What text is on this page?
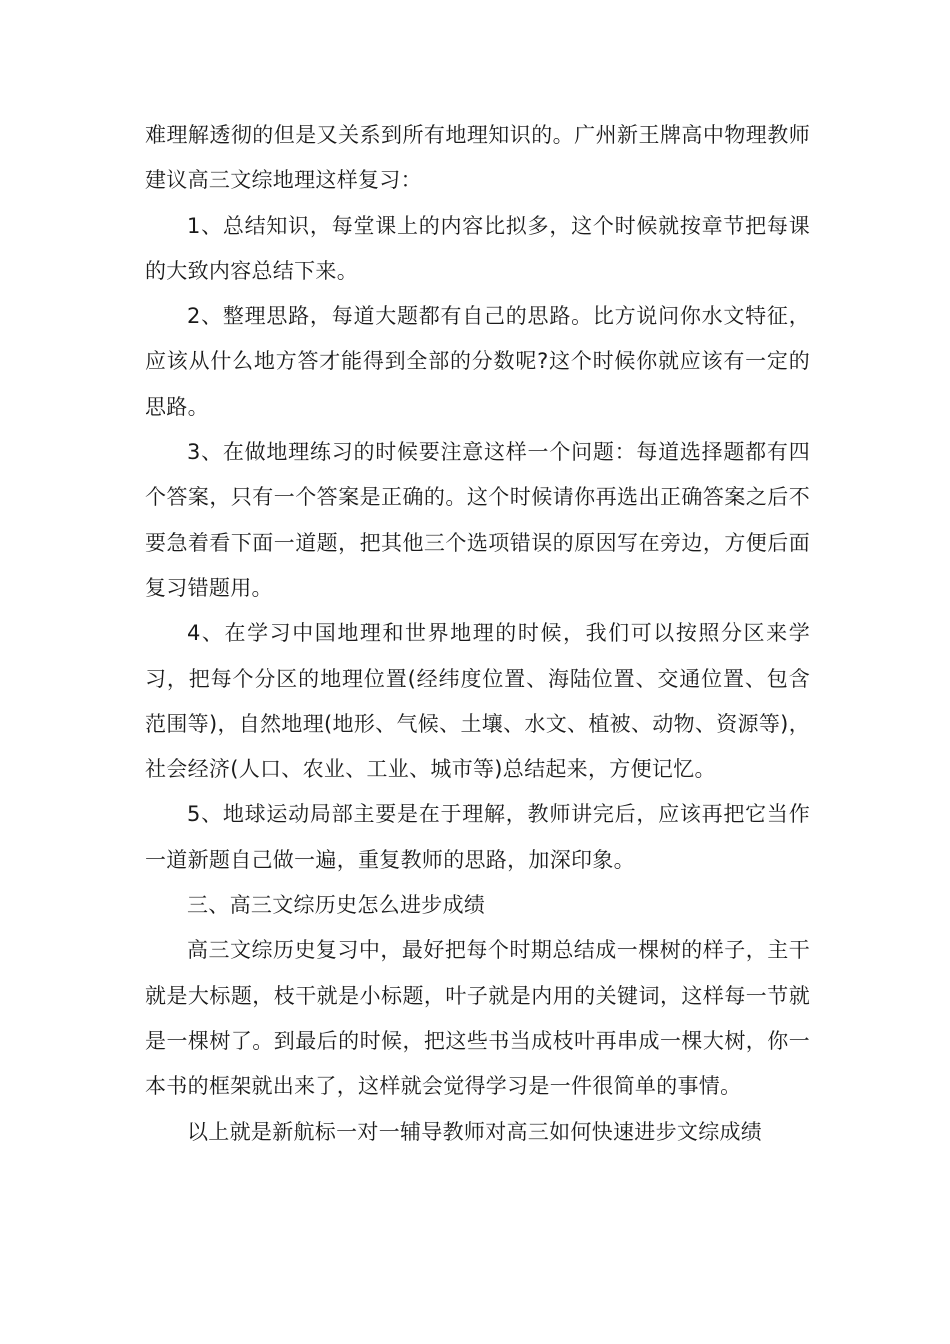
难理解透彻的但是又关系到所有地理知识的。广州新王牌高中物理教师建议高三文综地理这样复习：

1、总结知识，每堂课上的内容比拟多，这个时候就按章节把每课的大致内容总结下来。

2、整理思路，每道大题都有自己的思路。比方说问你水文特征，应该从什么地方答才能得到全部的分数呢?这个时候你就应该有一定的思路。

3、在做地理练习的时候要注意这样一个问题：每道选择题都有四个答案，只有一个答案是正确的。这个时候请你再选出正确答案之后不要急着看下面一道题，把其他三个选项错误的原因写在旁边，方便后面复习错题用。

4、在学习中国地理和世界地理的时候，我们可以按照分区来学习，把每个分区的地理位置(经纬度位置、海陆位置、交通位置、包含范围等)，自然地理(地形、气候、土壤、水文、植被、动物、资源等)，社会经济(人口、农业、工业、城市等)总结起来，方便记忆。

5、地球运动局部主要是在于理解，教师讲完后，应该再把它当作一道新题自己做一遍，重复教师的思路，加深印象。

三、高三文综历史怎么进步成绩

高三文综历史复习中，最好把每个时期总结成一棵树的样子，主干就是大标题，枝干就是小标题，叶子就是内用的关键词，这样每一节就是一棵树了。到最后的时候，把这些书当成枝叶再串成一棵大树，你一本书的框架就出来了，这样就会觉得学习是一件很简单的事情。

以上就是新航标一对一辅导教师对高三如何快速进步文综成绩
